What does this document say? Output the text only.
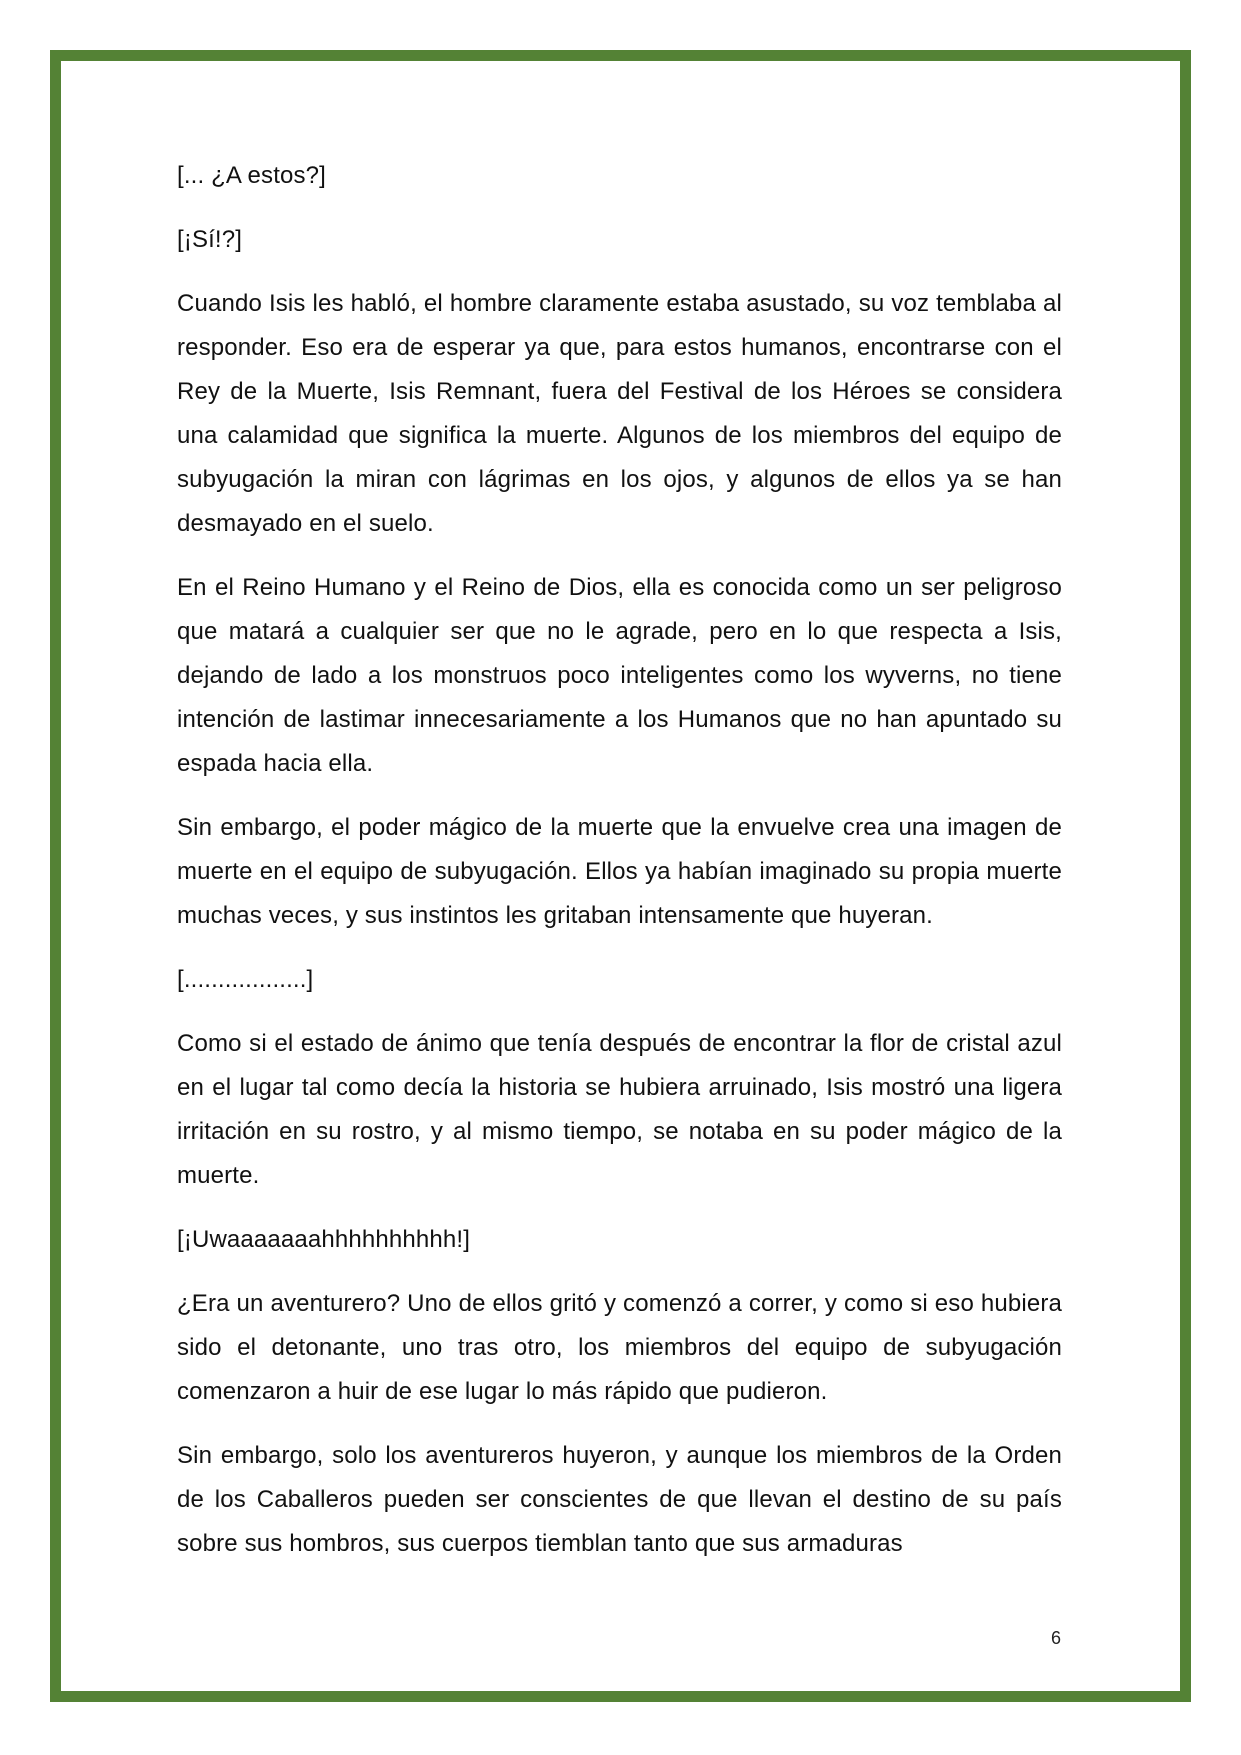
[... ¿A estos?]

[¡Sí!?]

Cuando Isis les habló, el hombre claramente estaba asustado, su voz temblaba al responder. Eso era de esperar ya que, para estos humanos, encontrarse con el Rey de la Muerte, Isis Remnant, fuera del Festival de los Héroes se considera una calamidad que significa la muerte. Algunos de los miembros del equipo de subyugación la miran con lágrimas en los ojos, y algunos de ellos ya se han desmayado en el suelo.

En el Reino Humano y el Reino de Dios, ella es conocida como un ser peligroso que matará a cualquier ser que no le agrade, pero en lo que respecta a Isis, dejando de lado a los monstruos poco inteligentes como los wyverns, no tiene intención de lastimar innecesariamente a los Humanos que no han apuntado su espada hacia ella.

Sin embargo, el poder mágico de la muerte que la envuelve crea una imagen de muerte en el equipo de subyugación. Ellos ya habían imaginado su propia muerte muchas veces, y sus instintos les gritaban intensamente que huyeran.

[..................]

Como si el estado de ánimo que tenía después de encontrar la flor de cristal azul en el lugar tal como decía la historia se hubiera arruinado, Isis mostró una ligera irritación en su rostro, y al mismo tiempo, se notaba en su poder mágico de la muerte.

[¡Uwaaaaaaahhhhhhhhhh!]

¿Era un aventurero? Uno de ellos gritó y comenzó a correr, y como si eso hubiera sido el detonante, uno tras otro, los miembros del equipo de subyugación comenzaron a huir de ese lugar lo más rápido que pudieron.

Sin embargo, solo los aventureros huyeron, y aunque los miembros de la Orden de los Caballeros pueden ser conscientes de que llevan el destino de su país sobre sus hombros, sus cuerpos tiemblan tanto que sus armaduras

6
